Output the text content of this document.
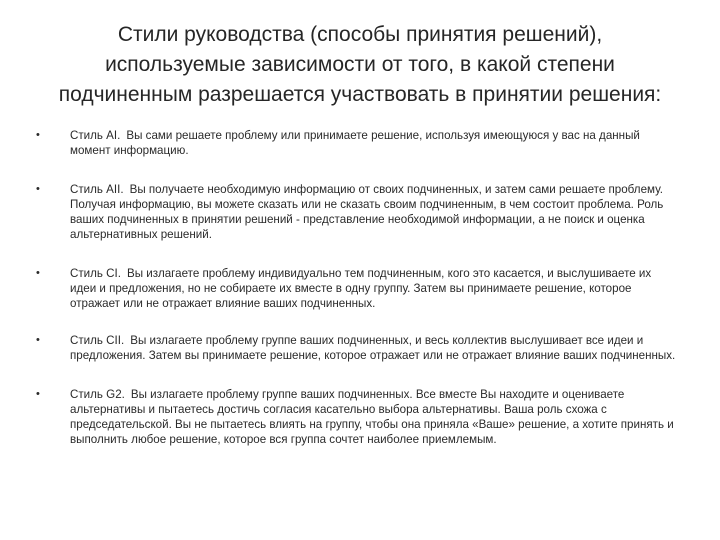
Стили руководства (способы принятия решений),
используемые зависимости от того, в какой степени
подчиненным разрешается участвовать в принятии решения:
•	Стиль AI. Вы сами решаете проблему или принимаете решение, используя имеющуюся у вас на данный момент информацию.
•	Стиль AII. Вы получаете необходимую информацию от своих подчиненных, и затем сами решаете проблему. Получая информацию, вы можете сказать или не сказать своим подчиненным, в чем состоит проблема. Роль ваших подчиненных в принятии решений - представление необходимой информации, а не поиск и оценка альтернативных решений.
•	Стиль CI. Вы излагаете проблему индивидуально тем подчиненным, кого это касается, и выслушиваете их идеи и предложения, но не собираете их вместе в одну группу. Затем вы принимаете решение, которое отражает или не отражает влияние ваших подчиненных.
•	Стиль CII. Вы излагаете проблему группе ваших подчиненных, и весь коллектив выслушивает все идеи и предложения. Затем вы принимаете решение, которое отражает или не отражает влияние ваших подчиненных.
•	Стиль G2. Вы излагаете проблему группе ваших подчиненных. Все вместе Вы находите и оцениваете альтернативы и пытаетесь достичь согласия касательно выбора альтернативы. Ваша роль схожа с председательской. Вы не пытаетесь влиять на группу, чтобы она приняла «Ваше» решение, а хотите принять и выполнить любое решение, которое вся группа сочтет наиболее приемлемым.
